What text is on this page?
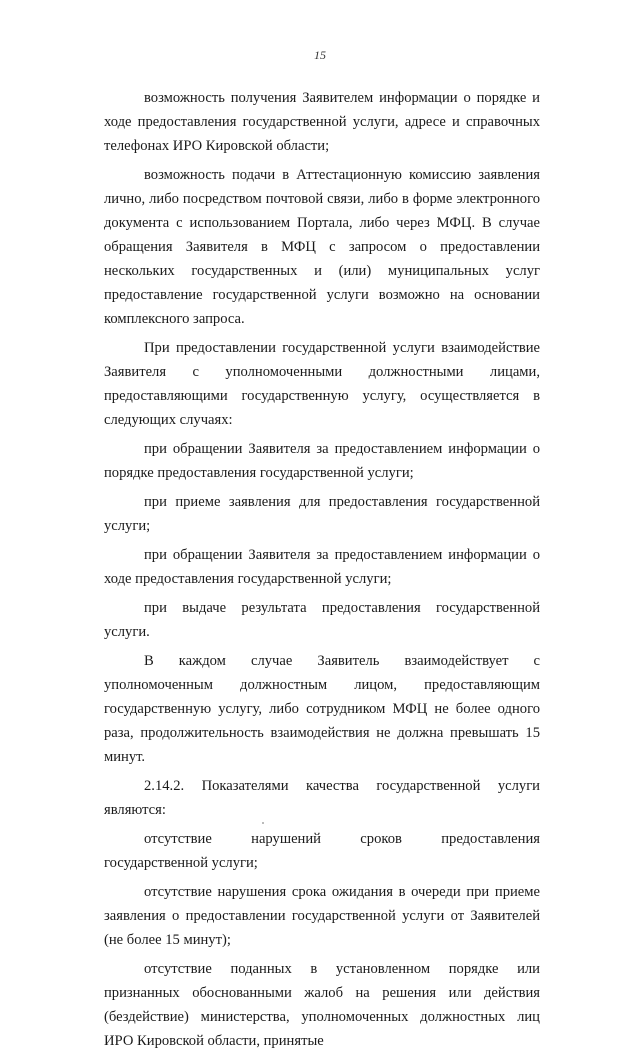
15

возможность получения Заявителем информации о порядке и ходе предоставления государственной услуги, адресе и справочных телефонах ИРО Кировской области;

возможность подачи в Аттестационную комиссию заявления лично, либо посредством почтовой связи, либо в форме электронного документа с использованием Портала, либо через МФЦ. В случае обращения Заявителя в МФЦ с запросом о предоставлении нескольких государственных и (или) муниципальных услуг предоставление государственной услуги возможно на основании комплексного запроса.

При предоставлении государственной услуги взаимодействие Заявителя с уполномоченными должностными лицами, предоставляющими государственную услугу, осуществляется в следующих случаях:

при обращении Заявителя за предоставлением информации о порядке предоставления государственной услуги;

при приеме заявления для предоставления государственной услуги;

при обращении Заявителя за предоставлением информации о ходе предоставления государственной услуги;

при выдаче результата предоставления государственной услуги.

В каждом случае Заявитель взаимодействует с уполномоченным должностным лицом, предоставляющим государственную услугу, либо сотрудником МФЦ не более одного раза, продолжительность взаимодействия не должна превышать 15 минут.

2.14.2. Показателями качества государственной услуги являются:

отсутствие нарушений сроков предоставления государственной услуги;

отсутствие нарушения срока ожидания в очереди при приеме заявления о предоставлении государственной услуги от Заявителей (не более 15 минут);

отсутствие поданных в установленном порядке или признанных обоснованными жалоб на решения или действия (бездействие) министерства, уполномоченных должностных лиц ИРО Кировской области, принятые
